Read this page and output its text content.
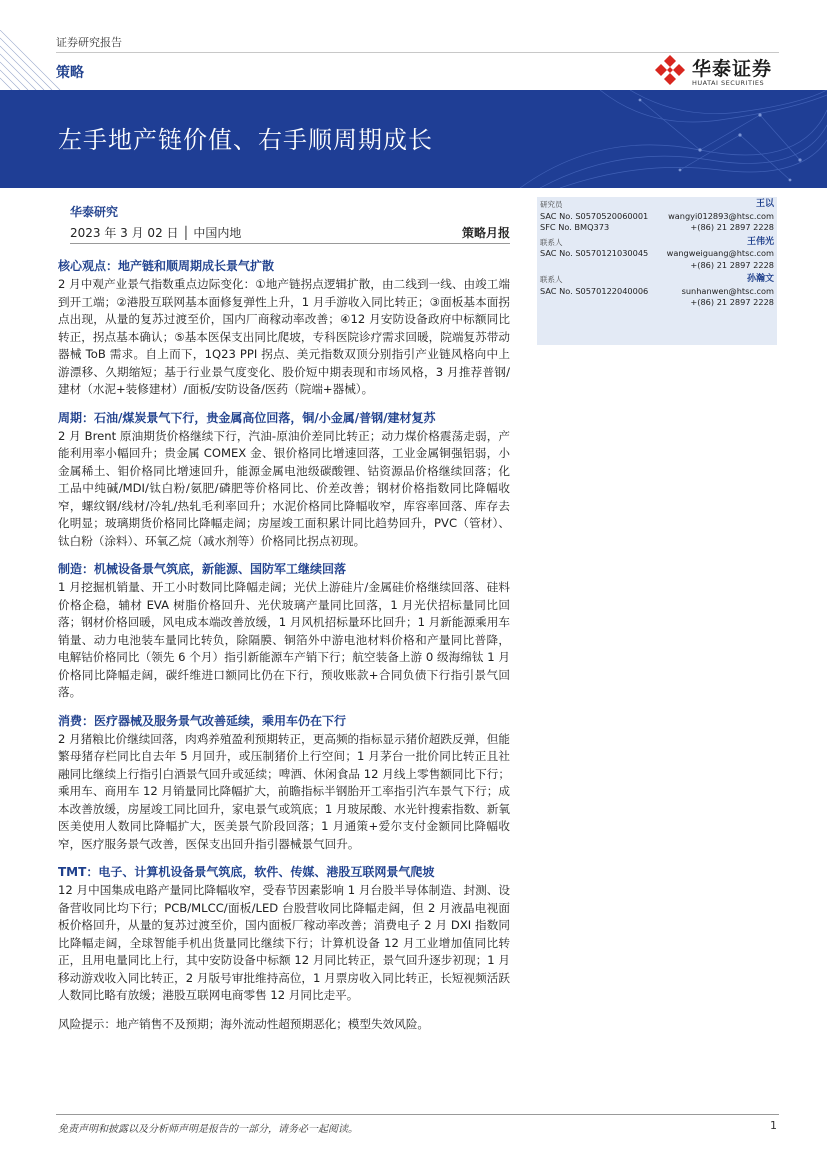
证券研究报告
策略	华泰证券
HUATAI SECURITIES
左手地产链价值、右手顺周期成长
华泰研究
2023 年 3 月 02 日 │ 中国内地	策略月报
研究员	王以
SAC No. S0570520060001 wangyi012893@htsc.com
SFC No. BMQ373	+(86) 21 2897 2228
联系人	王伟光
SAC No. S0570121030045 wangweiguang@htsc.com
+(86) 21 2897 2228
联系人	孙瀚文
SAC No. S0570122040006	sunhanwen@htsc.com
+(86) 21 2897 2228
核心观点：地产链和顺周期成长景气扩散
2 月中观产业景气指数重点边际变化：①地产链拐点逻辑扩散，由二线到一线、由竣工端到开工端；②港股互联网基本面修复弹性上升，1 月手游收入同比转正；③面板基本面拐点出现，从量的复苏过渡至价，国内厂商稼动率改善；④12 月安防设备政府中标额同比转正，拐点基本确认；⑤基本医保支出同比爬坡，专科医院诊疗需求回暖，院端复苏带动器械 ToB 需求。自上而下，1Q23 PPI 拐点、美元指数双顶分别指引产业链风格向中上游漂移、久期缩短；基于行业景气度变化、股价短中期表现和市场风格，3 月推荐普钢/建材（水泥+装修建材）/面板/安防设备/医药（院端+器械）。
周期：石油/煤炭景气下行，贵金属高位回落，铜/小金属/普钢/建材复苏
2 月 Brent 原油期货价格继续下行，汽油-原油价差同比转正；动力煤价格震荡走弱，产能利用率小幅回升；贵金属 COMEX 金、银价格同比增速回落，工业金属铜强铝弱，小金属稀土、钼价格同比增速回升，能源金属电池级碳酸锂、钴资源品价格继续回落；化工品中纯碱/MDI/钛白粉/氨肥/磷肥等价格同比、价差改善；钢材价格指数同比降幅收窄，螺纹钢/线材/冷轧/热轧毛利率回升；水泥价格同比降幅收窄，库容率回落、库存去化明显；玻璃期货价格同比降幅走阔；房屋竣工面积累计同比趋势回升，PVC（管材）、钛白粉（涂料）、环氧乙烷（减水剂等）价格同比拐点初现。
制造：机械设备景气筑底，新能源、国防军工继续回落
1 月挖掘机销量、开工小时数同比降幅走阔；光伏上游硅片/金属硅价格继续回落、硅料价格企稳，辅材 EVA 树脂价格回升、光伏玻璃产量同比回落，1 月光伏招标量同比回落；钢材价格回暖，风电成本端改善放缓，1 月风机招标量环比回升；1 月新能源乘用车销量、动力电池装车量同比转负，除隔膜、铜箔外中游电池材料价格和产量同比普降，电解钴价格同比（领先 6 个月）指引新能源车产销下行；航空装备上游 0 级海绵钛 1 月价格同比降幅走阔，碳纤维进口额同比仍在下行，预收账款+合同负债下行指引景气回落。
消费：医疗器械及服务景气改善延续，乘用车仍在下行
2 月猪粮比价继续回落，肉鸡养殖盈利预期转正，更高频的指标显示猪价超跌反弹，但能繁母猪存栏同比自去年 5 月回升，或压制猪价上行空间；1 月茅台一批价同比转正且社融同比继续上行指引白酒景气回升或延续；啤酒、休闲食品 12 月线上零售额同比下行；乘用车、商用车 12 月销量同比降幅扩大，前瞻指标半钢胎开工率指引汽车景气下行；成本改善放缓，房屋竣工同比回升，家电景气或筑底；1 月玻尿酸、水光针搜索指数、新氧医美使用人数同比降幅扩大，医美景气阶段回落；1 月通策+爱尔支付金额同比降幅收窄，医疗服务景气改善，医保支出回升指引器械景气回升。
TMT：电子、计算机设备景气筑底，软件、传媒、港股互联网景气爬坡
12 月中国集成电路产量同比降幅收窄，受春节因素影响 1 月台股半导体制造、封测、设备营收同比均下行；PCB/MLCC/面板/LED 台股营收同比降幅走阔，但 2 月液晶电视面板价格回升，从量的复苏过渡至价，国内面板厂稼动率改善；消费电子 2 月 DXI 指数同比降幅走阔，全球智能手机出货量同比继续下行；计算机设备 12 月工业增加值同比转正，且用电量同比上行，其中安防设备中标额 12 月同比转正，景气回升逐步初现；1 月移动游戏收入同比转正，2 月版号审批维持高位，1 月票房收入同比转正，长短视频活跃人数同比略有放缓；港股互联网电商零售 12 月同比走平。
风险提示：地产销售不及预期；海外流动性超预期恶化；模型失效风险。
免责声明和披露以及分析师声明是报告的一部分，请务必一起阅读。	1
